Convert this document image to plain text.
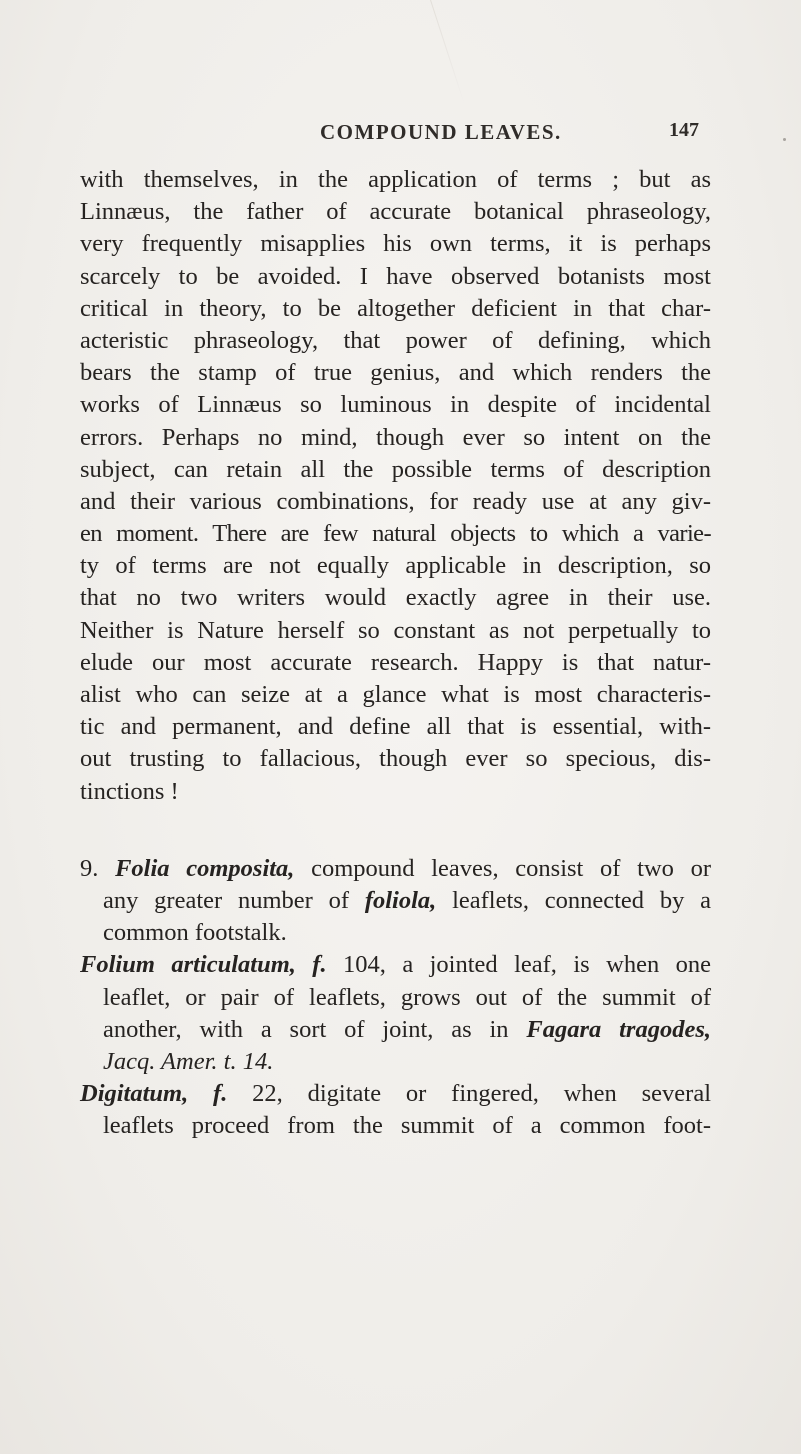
COMPOUND LEAVES.	147
with themselves, in the application of terms ; but as
Linnæus, the father of accurate botanical phraseology,
very frequently misapplies his own terms, it is perhaps
scarcely to be avoided. I have observed botanists most
critical in theory, to be altogether deficient in that char-
acteristic phraseology, that power of defining, which
bears the stamp of true genius, and which renders the
works of Linnæus so luminous in despite of incidental
errors. Perhaps no mind, though ever so intent on the
subject, can retain all the possible terms of description
and their various combinations, for ready use at any giv-
en moment. There are few natural objects to which a varie-
ty of terms are not equally applicable in description, so
that no two writers would exactly agree in their use.
Neither is Nature herself so constant as not perpetually to
elude our most accurate research. Happy is that natur-
alist who can seize at a glance what is most characteris-
tic and permanent, and define all that is essential, with-
out trusting to fallacious, though ever so specious, dis-
tinctions !
9. Folia composita, compound leaves, consist of two or
any greater number of foliola, leaflets, connected by a
common footstalk.
Folium articulatum, f. 104, a jointed leaf, is when one
leaflet, or pair of leaflets, grows out of the summit of
another, with a sort of joint, as in Fagara tragodes,
Jacq. Amer. t. 14.
Digitatum, f. 22, digitate or fingered, when several
leaflets proceed from the summit of a common foot-
